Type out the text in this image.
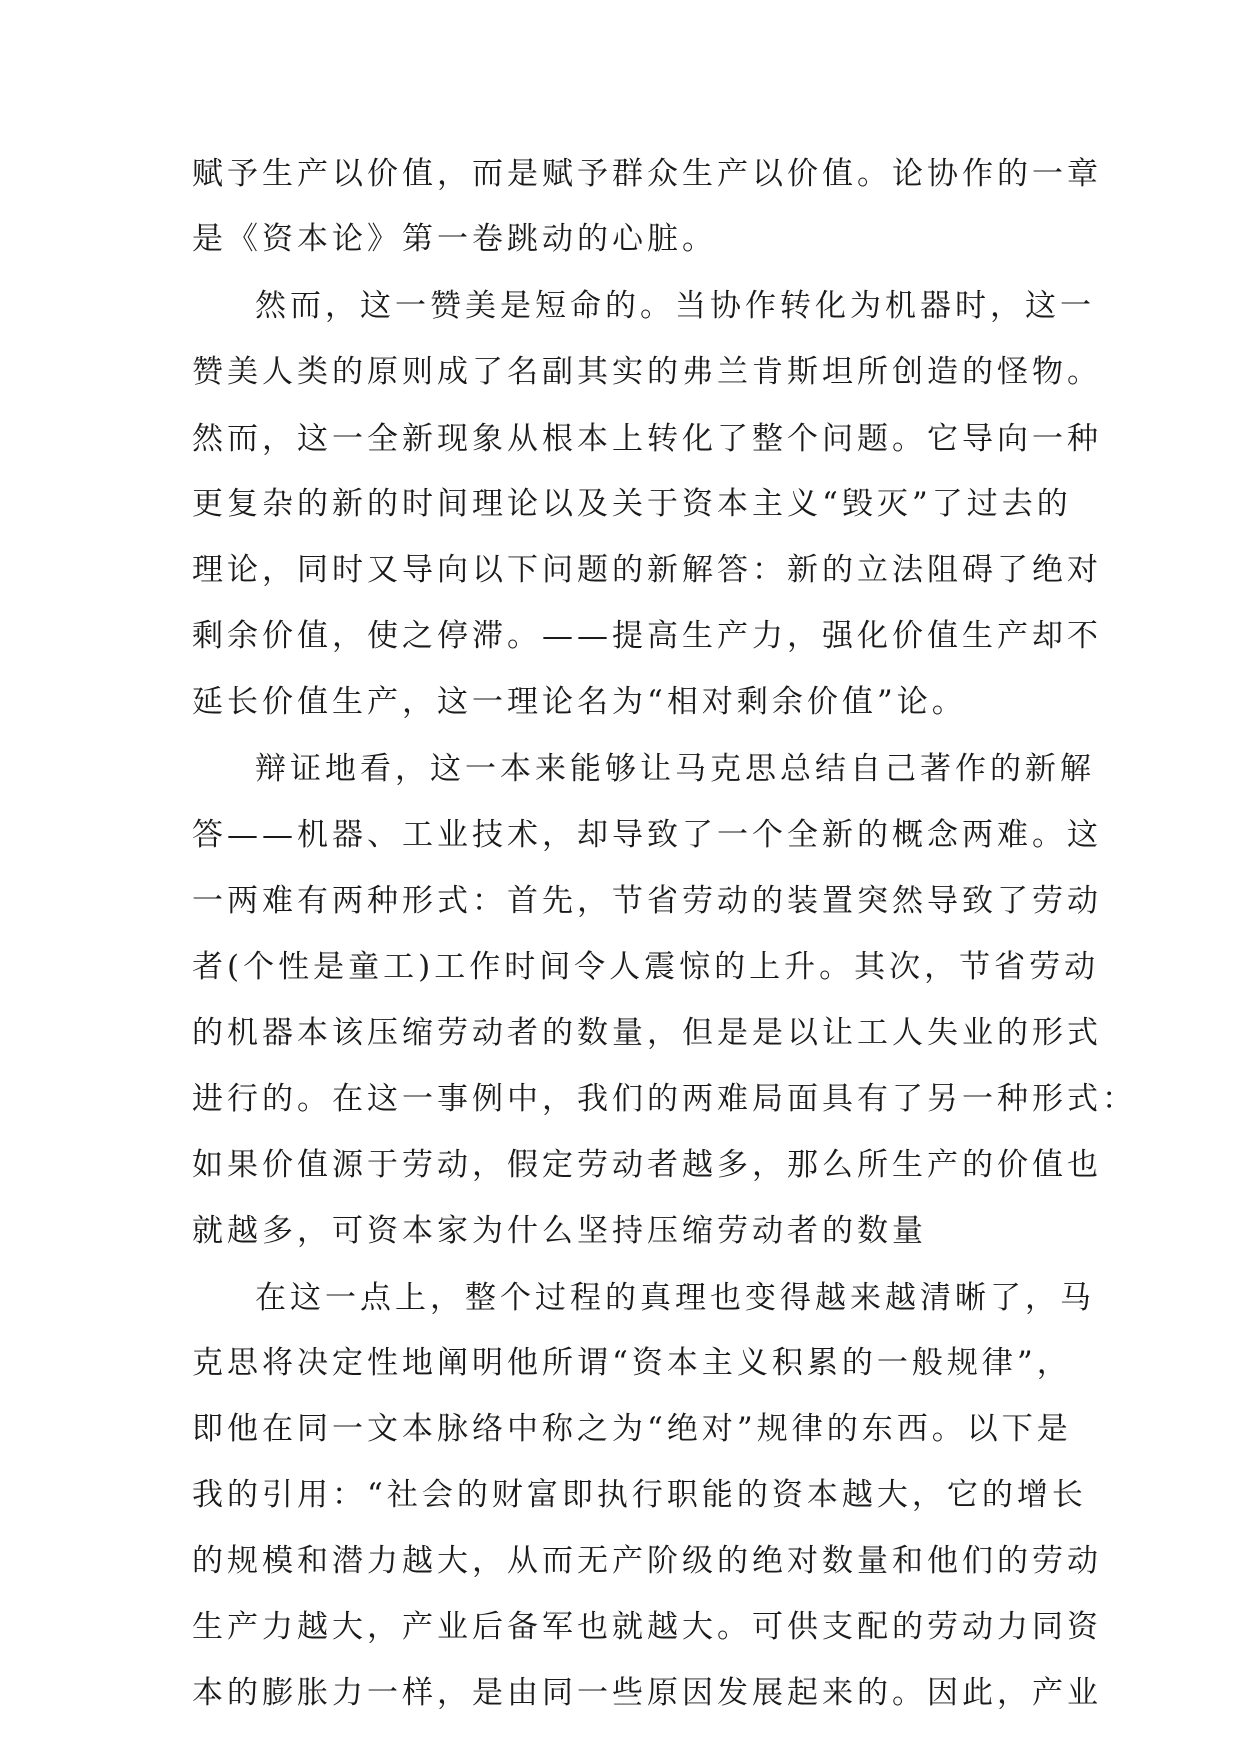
赋予生产以价值，而是赋予群众生产以价值。论协作的一章
是《资本论》第一卷跳动的心脏。
然而，这一赞美是短命的。当协作转化为机器时，这一
赞美人类的原则成了名副其实的弗兰肯斯坦所创造的怪物。
然而，这一全新现象从根本上转化了整个问题。它导向一种
更复杂的新的时间理论以及关于资本主义“毁灭”了过去的
理论，同时又导向以下问题的新解答：新的立法阻碍了绝对
剩余价值，使之停滞。——提高生产力，强化价值生产却不
延长价值生产，这一理论名为“相对剩余价值”论。
辩证地看，这一本来能够让马克思总结自己著作的新解
答——机器、工业技术，却导致了一个全新的概念两难。这
一两难有两种形式：首先，节省劳动的装置突然导致了劳动
者(个性是童工)工作时间令人震惊的上升。其次，节省劳动
的机器本该压缩劳动者的数量，但是是以让工人失业的形式
进行的。在这一事例中，我们的两难局面具有了另一种形式：
如果价值源于劳动，假定劳动者越多，那么所生产的价值也
就越多，可资本家为什么坚持压缩劳动者的数量
在这一点上，整个过程的真理也变得越来越清晰了，马
克思将决定性地阐明他所谓“资本主义积累的一般规律”，
即他在同一文本脉络中称之为“绝对”规律的东西。以下是
我的引用：“社会的财富即执行职能的资本越大，它的增长
的规模和潜力越大，从而无产阶级的绝对数量和他们的劳动
生产力越大，产业后备军也就越大。可供支配的劳动力同资
本的膨胀力一样，是由同一些原因发展起来的。因此，产业
